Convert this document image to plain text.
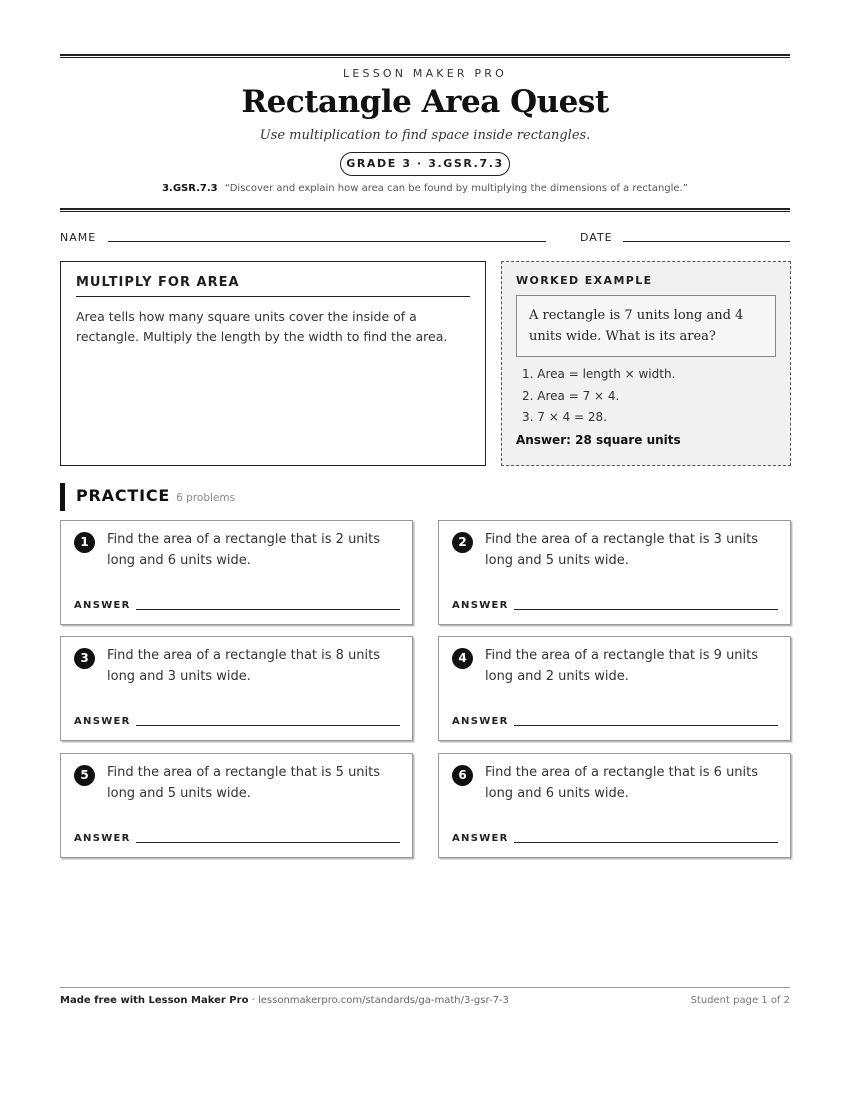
LESSON MAKER PRO
Rectangle Area Quest
Use multiplication to find space inside rectangles.
GRADE 3 · 3.GSR.7.3
3.GSR.7.3 “Discover and explain how area can be found by multiplying the dimensions of a rectangle.”
NAME	DATE
MULTIPLY FOR AREA
Area tells how many square units cover the inside of a rectangle. Multiply the length by the width to find the area.
WORKED EXAMPLE
A rectangle is 7 units long and 4 units wide. What is its area?
1. Area = length × width.
2. Area = 7 × 4.
3. 7 × 4 = 28.
Answer: 28 square units
PRACTICE 6 problems
1	Find the area of a rectangle that is 2 units long and 6 units wide.
ANSWER
2	Find the area of a rectangle that is 3 units long and 5 units wide.
ANSWER
3	Find the area of a rectangle that is 8 units long and 3 units wide.
ANSWER
4	Find the area of a rectangle that is 9 units long and 2 units wide.
ANSWER
5	Find the area of a rectangle that is 5 units long and 5 units wide.
ANSWER
6	Find the area of a rectangle that is 6 units long and 6 units wide.
ANSWER
Made free with Lesson Maker Pro · lessonmakerpro.com/standards/ga-math/3-gsr-7-3	Student page 1 of 2
